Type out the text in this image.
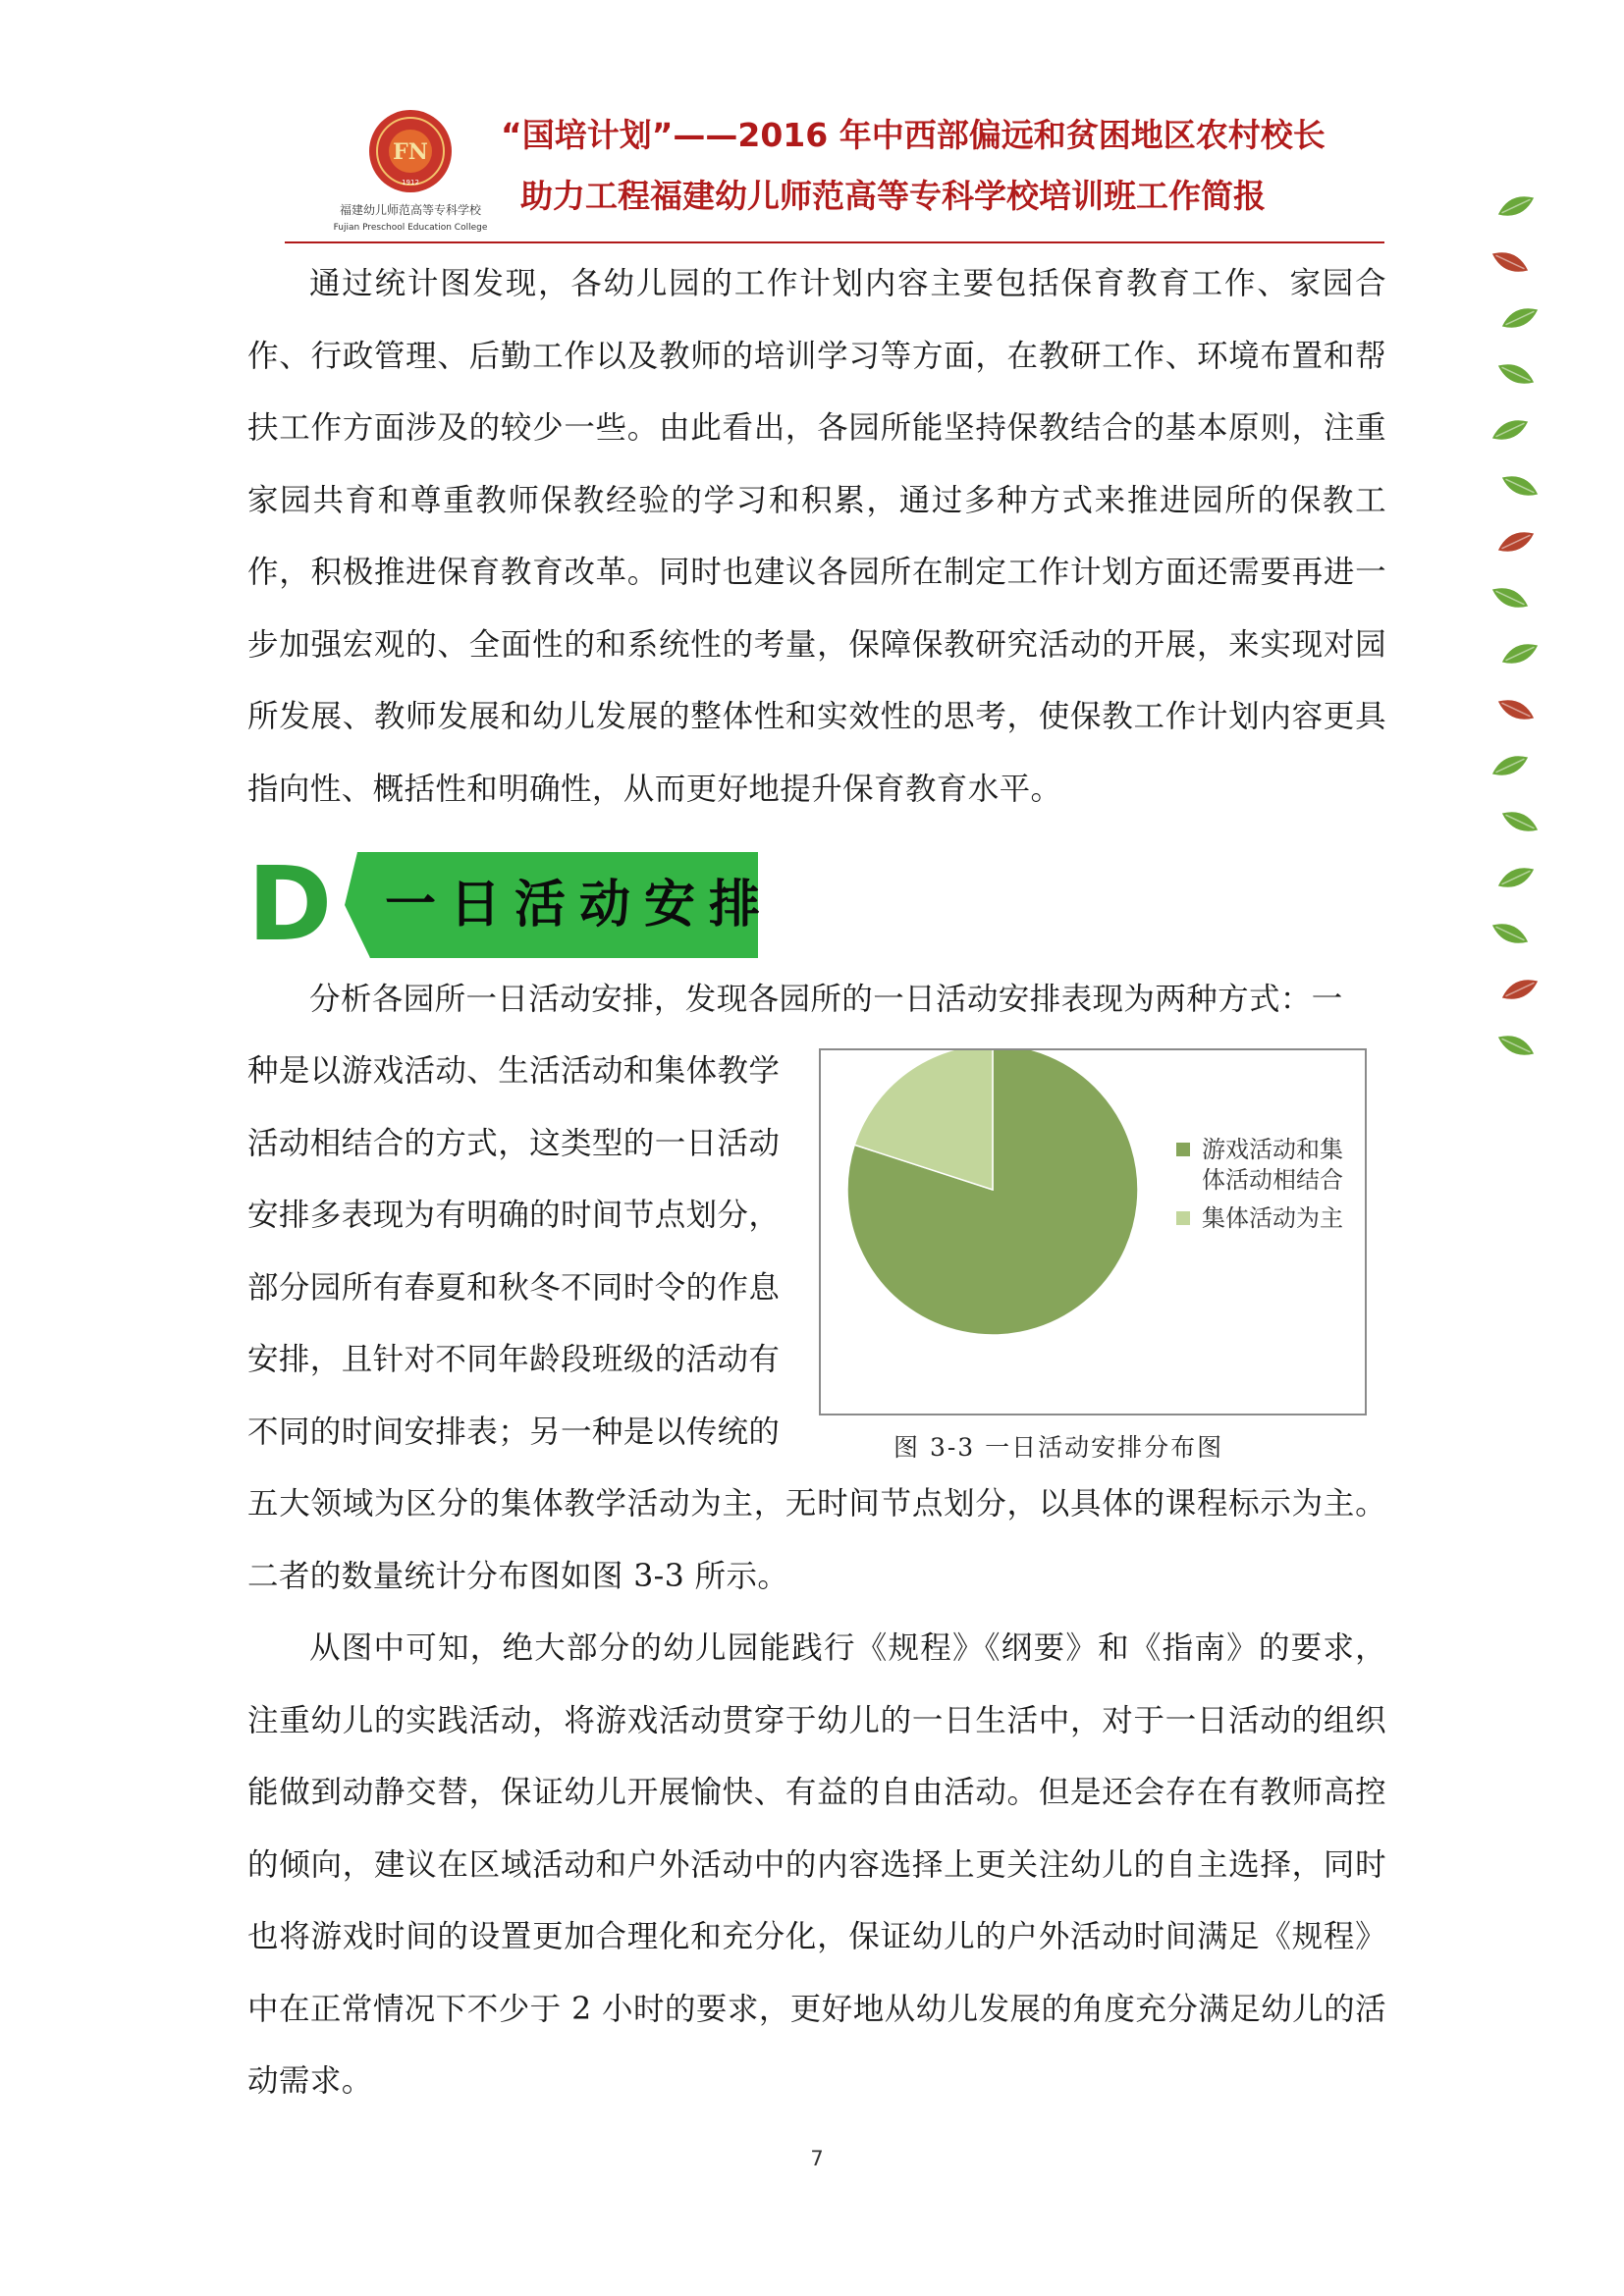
FN
1912
福建幼儿师范高等专科学校
Fujian Preschool Education College
“国培计划”——2016 年中西部偏远和贫困地区农村校长
助力工程福建幼儿师范高等专科学校培训班工作简报
通过统计图发现，各幼儿园的工作计划内容主要包括保育教育工作、家园合作、行政管理、后勤工作以及教师的培训学习等方面，在教研工作、环境布置和帮扶工作方面涉及的较少一些。由此看出，各园所能坚持保教结合的基本原则，注重家园共育和尊重教师保教经验的学习和积累，通过多种方式来推进园所的保教工作，积极推进保育教育改革。同时也建议各园所在制定工作计划方面还需要再进一步加强宏观的、全面性的和系统性的考量，保障保教研究活动的开展，来实现对园所发展、教师发展和幼儿发展的整体性和实效性的思考，使保教工作计划内容更具指向性、概括性和明确性，从而更好地提升保育教育水平。
D 一日活动安排
分析各园所一日活动安排，发现各园所的一日活动安排表现为两种方式：一
种是以游戏活动、生活活动和集体教学
活动相结合的方式，这类型的一日活动
安排多表现为有明确的时间节点划分，
部分园所有春夏和秋冬不同时令的作息
安排，且针对不同年龄段班级的活动有
不同的时间安排表；另一种是以传统的
游戏活动和集体活动相结合
集体活动为主
图 3-3 一日活动安排分布图
五大领域为区分的集体教学活动为主，无时间节点划分，以具体的课程标示为主。二者的数量统计分布图如图 3-3 所示。
从图中可知，绝大部分的幼儿园能践行《规程》《纲要》和《指南》的要求，注重幼儿的实践活动，将游戏活动贯穿于幼儿的一日生活中，对于一日活动的组织能做到动静交替，保证幼儿开展愉快、有益的自由活动。但是还会存在有教师高控的倾向，建议在区域活动和户外活动中的内容选择上更关注幼儿的自主选择，同时也将游戏时间的设置更加合理化和充分化，保证幼儿的户外活动时间满足《规程》中在正常情况下不少于 2 小时的要求，更好地从幼儿发展的角度充分满足幼儿的活动需求。
7
